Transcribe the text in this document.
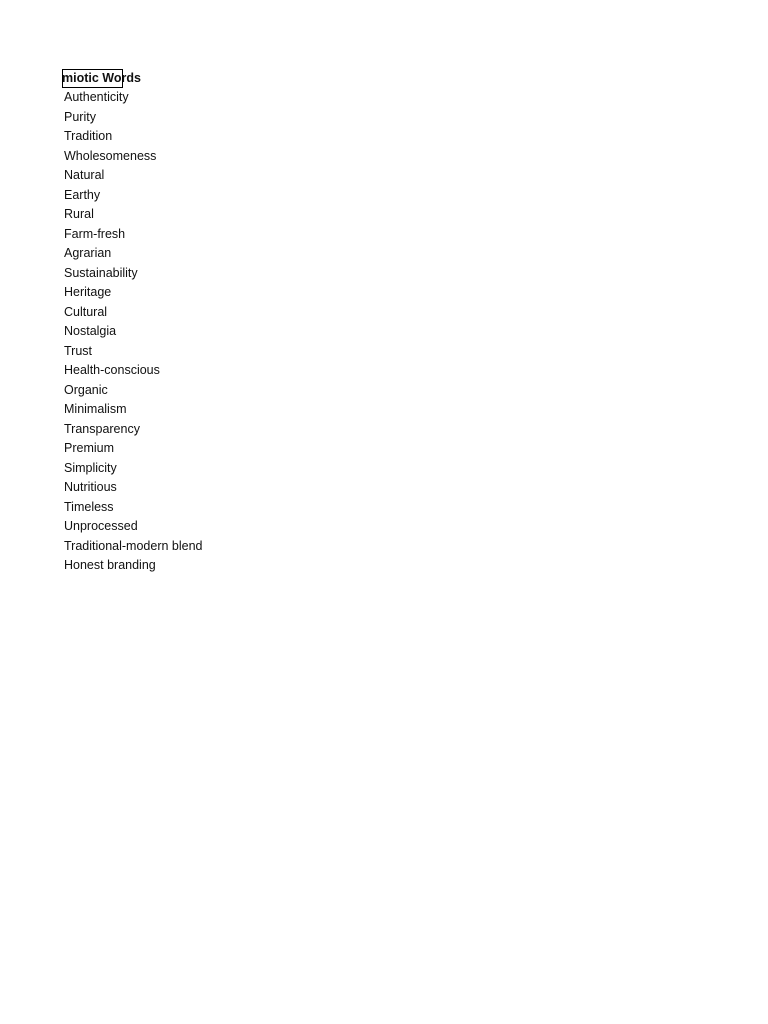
miotic Words
Authenticity
Purity
Tradition
Wholesomeness
Natural
Earthy
Rural
Farm-fresh
Agrarian
Sustainability
Heritage
Cultural
Nostalgia
Trust
Health-conscious
Organic
Minimalism
Transparency
Premium
Simplicity
Nutritious
Timeless
Unprocessed
Traditional-modern blend
Honest branding
